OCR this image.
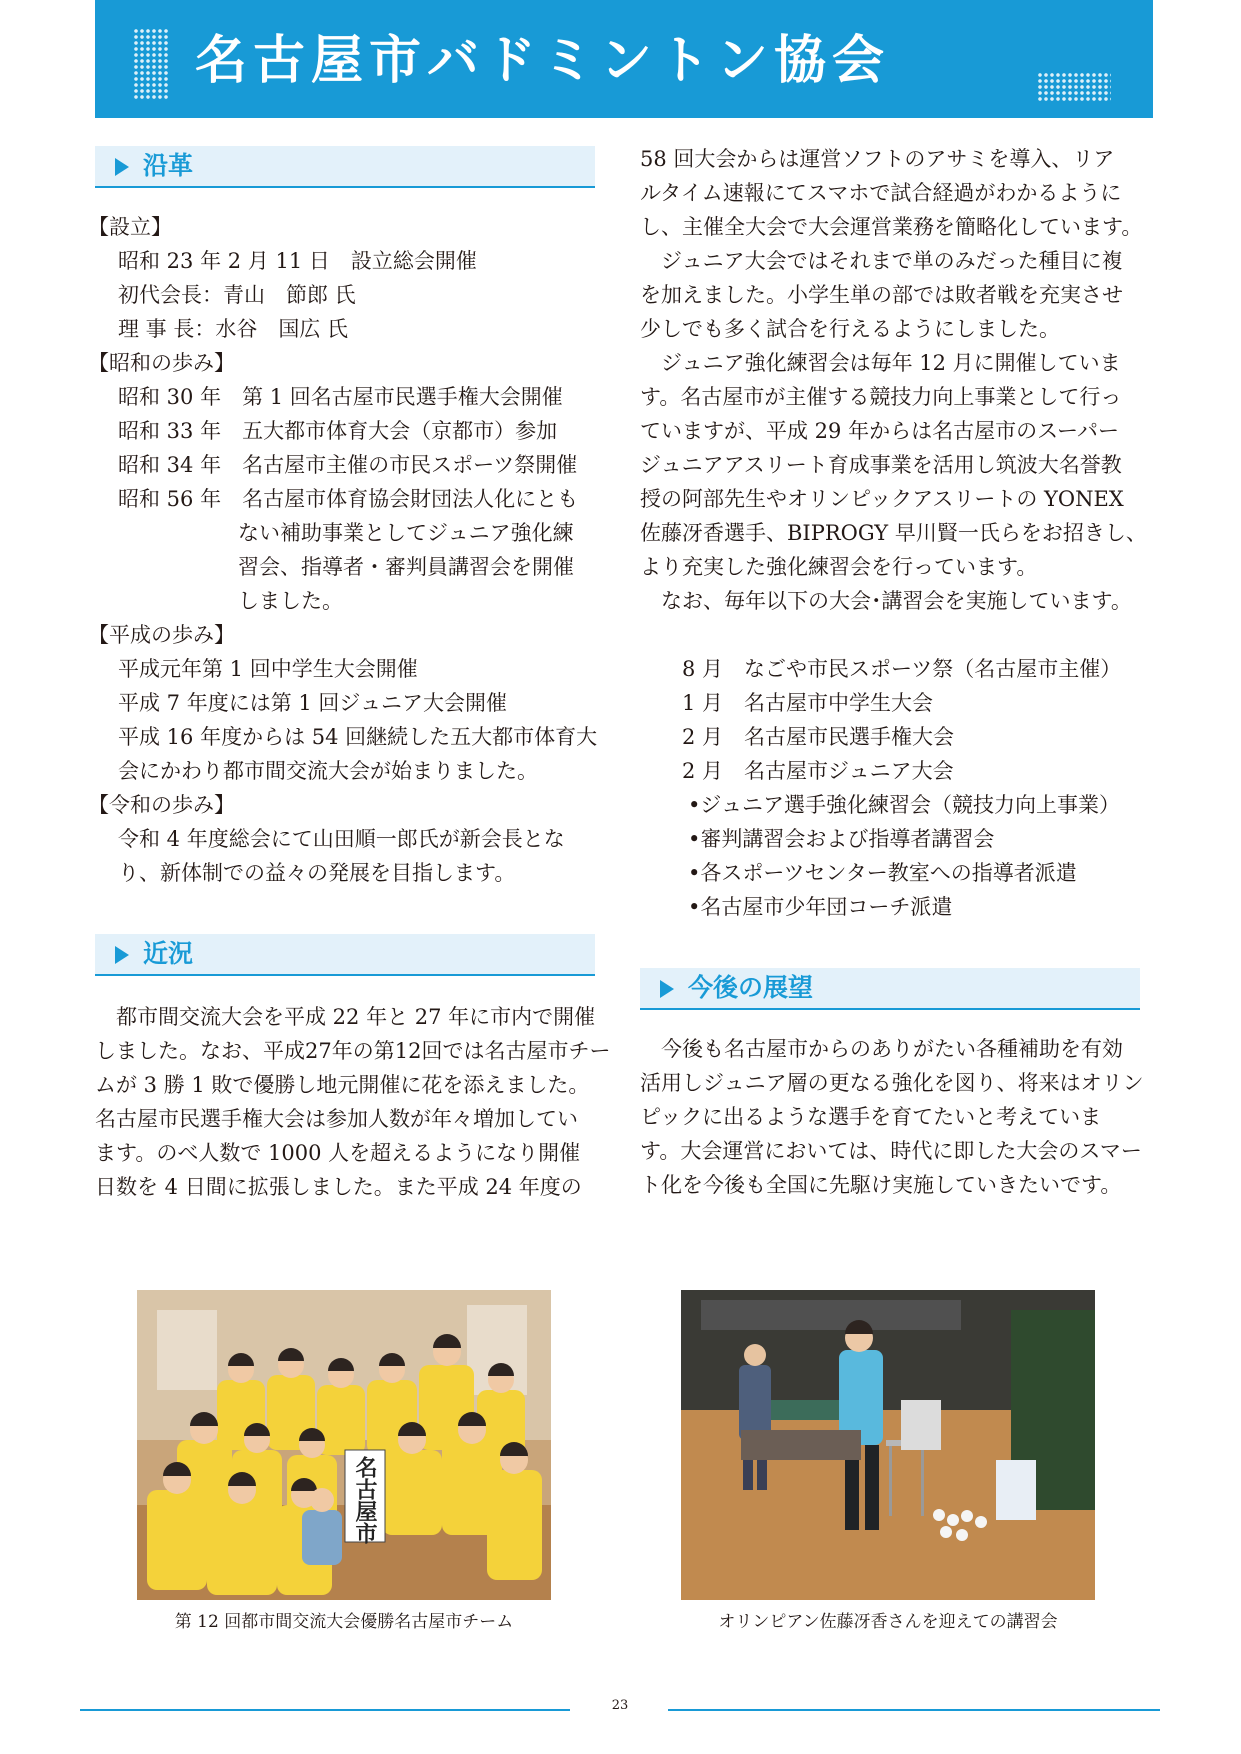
名古屋市バドミントン協会
沿革
近況
今後の展望
【設立】
昭和 23 年 2 月 11 日　設立総会開催
初代会長：青山　節郎 氏
理 事 長：水谷　国広 氏
【昭和の歩み】
昭和 30 年　第 1 回名古屋市民選手権大会開催
昭和 33 年　五大都市体育大会（京都市）参加
昭和 34 年　名古屋市主催の市民スポーツ祭開催
昭和 56 年　名古屋市体育協会財団法人化にとも
ない補助事業としてジュニア強化練
習会、指導者・審判員講習会を開催
しました。
【平成の歩み】
平成元年第 1 回中学生大会開催
平成 7 年度には第 1 回ジュニア大会開催
平成 16 年度からは 54 回継続した五大都市体育大
会にかわり都市間交流大会が始まりました。
【令和の歩み】
令和 4 年度総会にて山田順一郎氏が新会長とな
り、新体制での益々の発展を目指します。
都市間交流大会を平成 22 年と 27 年に市内で開催
しました。なお、平成27年の第12回では名古屋市チー
ムが 3 勝 1 敗で優勝し地元開催に花を添えました。
名古屋市民選手権大会は参加人数が年々増加してい
ます。のべ人数で 1000 人を超えるようになり開催
日数を 4 日間に拡張しました。また平成 24 年度の
58 回大会からは運営ソフトのアサミを導入、リア
ルタイム速報にてスマホで試合経過がわかるように
し、主催全大会で大会運営業務を簡略化しています。
ジュニア大会ではそれまで単のみだった種目に複
を加えました。小学生単の部では敗者戦を充実させ
少しでも多く試合を行えるようにしました。
ジュニア強化練習会は毎年 12 月に開催していま
す。名古屋市が主催する競技力向上事業として行っ
ていますが、平成 29 年からは名古屋市のスーパー
ジュニアアスリート育成事業を活用し筑波大名誉教
授の阿部先生やオリンピックアスリートの YONEX
佐藤冴香選手、BIPROGY 早川賢一氏らをお招きし、
より充実した強化練習会を行っています。
なお、毎年以下の大会･講習会を実施しています。
8 月　なごや市民スポーツ祭（名古屋市主催）
1 月　名古屋市中学生大会
2 月　名古屋市民選手権大会
2 月　名古屋市ジュニア大会
•ジュニア選手強化練習会（競技力向上事業）
•審判講習会および指導者講習会
•各スポーツセンター教室への指導者派遣
•名古屋市少年団コーチ派遣
今後も名古屋市からのありがたい各種補助を有効
活用しジュニア層の更なる強化を図り、将来はオリン
ピックに出るような選手を育てたいと考えていま
す。大会運営においては、時代に即した大会のスマー
ト化を今後も全国に先駆け実施していきたいです。
名古屋市
第 12 回都市間交流大会優勝名古屋市チーム	オリンピアン佐藤冴香さんを迎えての講習会
23
